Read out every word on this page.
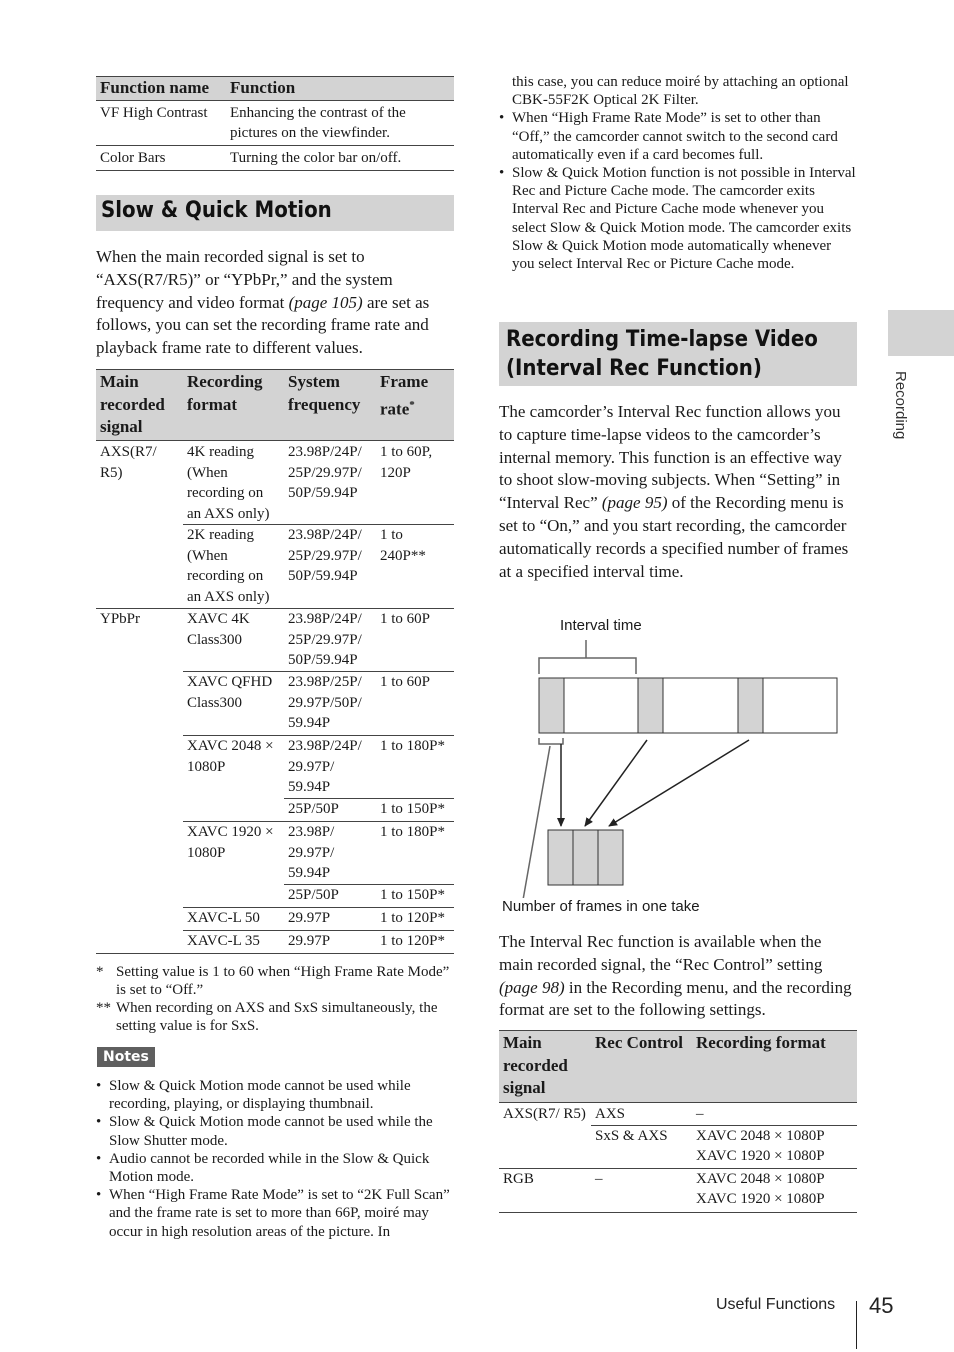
Function name	Function
VF High Contrast	Enhancing the contrast of the pictures on the viewfinder.
Color Bars	Turning the color bar on/off.
Slow & Quick Motion

When the main recorded signal is set to “AXS(R7/R5)” or “YPbPr,” and the system frequency and video format (page 105) are set as follows, you can set the recording frame rate and playback frame rate to different values.

Main recorded signal	Recording format	System frequency	Frame rate*
AXS(R7/ R5)	4K reading (When recording on an AXS only)	23.98P/24P/ 25P/29.97P/ 50P/59.94P	1 to 60P, 120P
	2K reading (When recording on an AXS only)	23.98P/24P/ 25P/29.97P/ 50P/59.94P	1 to 240P**
YPbPr	XAVC 4K Class300	23.98P/24P/ 25P/29.97P/ 50P/59.94P	1 to 60P
	XAVC QFHD Class300	23.98P/25P/ 29.97P/50P/ 59.94P	1 to 60P
	XAVC 2048 × 1080P	23.98P/24P/ 29.97P/ 59.94P	1 to 180P*
		25P/50P	1 to 150P*
	XAVC 1920 × 1080P	23.98P/ 29.97P/ 59.94P	1 to 180P*
		25P/50P	1 to 150P*
	XAVC-L 50	29.97P	1 to 120P*
	XAVC-L 35	29.97P	1 to 120P*
* Setting value is 1 to 60 when “High Frame Rate Mode” is set to “Off.”
** When recording on AXS and SxS simultaneously, the setting value is for SxS.
Notes
• Slow & Quick Motion mode cannot be used while recording, playing, or displaying thumbnail.
• Slow & Quick Motion mode cannot be used while the Slow Shutter mode.
• Audio cannot be recorded while in the Slow & Quick Motion mode.
• When “High Frame Rate Mode” is set to “2K Full Scan” and the frame rate is set to more than 66P, moiré may occur in high resolution areas of the picture. In
this case, you can reduce moiré by attaching an optional CBK-55F2K Optical 2K Filter.
• When “High Frame Rate Mode” is set to other than “Off,” the camcorder cannot switch to the second card automatically even if a card becomes full.
• Slow & Quick Motion function is not possible in Interval Rec and Picture Cache mode. The camcorder exits Interval Rec and Picture Cache mode whenever you select Slow & Quick Motion mode. The camcorder exits Slow & Quick Motion mode automatically whenever you select Interval Rec or Picture Cache mode.
Recording Time-lapse Video
(Interval Rec Function)

The camcorder’s Interval Rec function allows you to capture time-lapse videos to the camcorder’s internal memory. This function is an effective way to shoot slow-moving subjects. When “Setting” in “Interval Rec” (page 95) of the Recording menu is set to “On,” and you start recording, the camcorder automatically records a specified number of frames at a specified interval time.

Interval time
Number of frames in one take

The Interval Rec function is available when the main recorded signal, the “Rec Control” setting (page 98) in the Recording menu, and the recording format are set to the following settings.

Main recorded signal	Rec Control	Recording format
AXS(R7/ R5)	AXS	–
	SxS & AXS	XAVC 2048 × 1080P
XAVC 1920 × 1080P

RGB	–	XAVC 2048 × 1080P
XAVC 1920 × 1080P
Recording
Useful Functions 45
